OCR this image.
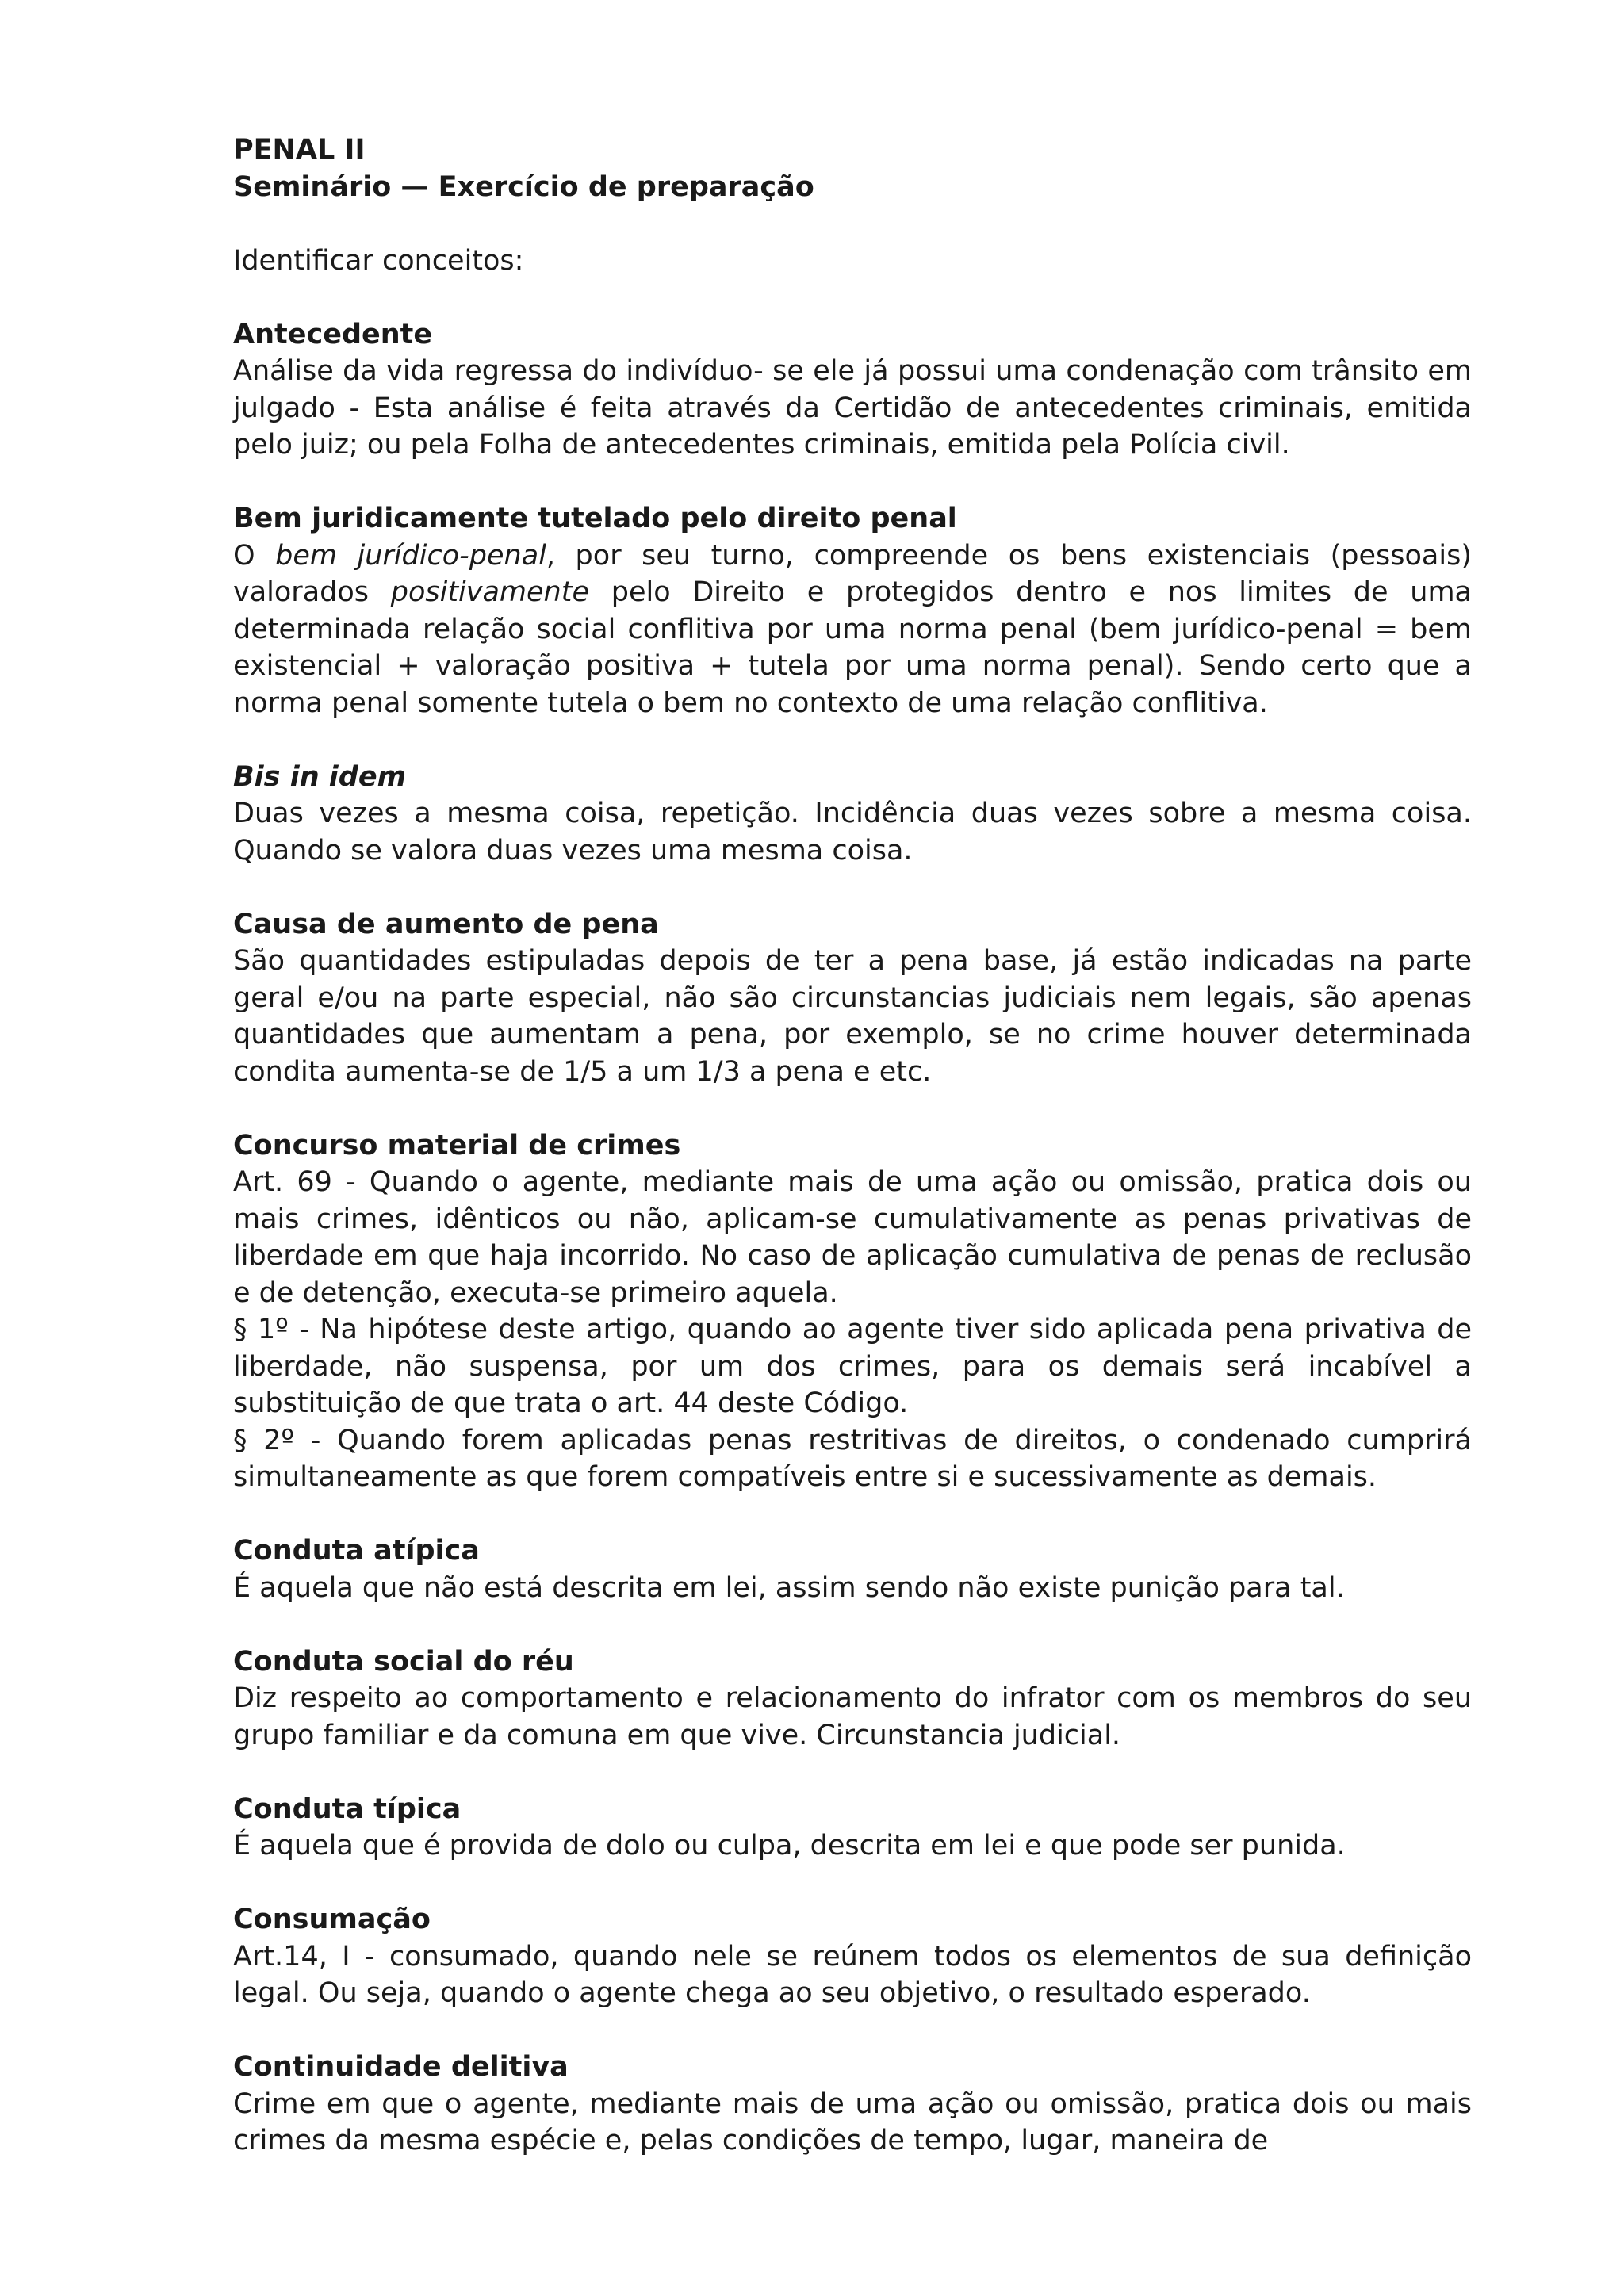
PENAL II

Seminário — Exercício de preparação

Identificar conceitos:

Antecedente

Análise da vida regressa do indivíduo- se ele já possui uma condenação com trânsito em julgado - Esta análise é feita através da Certidão de antecedentes criminais, emitida pelo juiz; ou pela Folha de antecedentes criminais, emitida pela Polícia civil.

Bem juridicamente tutelado pelo direito penal

O bem jurídico-penal, por seu turno, compreende os bens existenciais (pessoais) valorados positivamente pelo Direito e protegidos dentro e nos limites de uma determinada relação social conflitiva por uma norma penal (bem jurídico-penal = bem existencial + valoração positiva + tutela por uma norma penal). Sendo certo que a norma penal somente tutela o bem no contexto de uma relação conflitiva.

Bis in idem

Duas vezes a mesma coisa, repetição. Incidência duas vezes sobre a mesma coisa. Quando se valora duas vezes uma mesma coisa.

Causa de aumento de pena

São quantidades estipuladas depois de ter a pena base, já estão indicadas na parte geral e/ou na parte especial, não são circunstancias judiciais nem legais, são apenas quantidades que aumentam a pena, por exemplo, se no crime houver determinada condita aumenta-se de 1/5 a um 1/3 a pena e etc.

Concurso material de crimes

Art. 69 - Quando o agente, mediante mais de uma ação ou omissão, pratica dois ou mais crimes, idênticos ou não, aplicam-se cumulativamente as penas privativas de liberdade em que haja incorrido. No caso de aplicação cumulativa de penas de reclusão e de detenção, executa-se primeiro aquela.

§ 1º - Na hipótese deste artigo, quando ao agente tiver sido aplicada pena privativa de liberdade, não suspensa, por um dos crimes, para os demais será incabível a substituição de que trata o art. 44 deste Código.

§ 2º - Quando forem aplicadas penas restritivas de direitos, o condenado cumprirá simultaneamente as que forem compatíveis entre si e sucessivamente as demais.

Conduta atípica

É aquela que não está descrita em lei, assim sendo não existe punição para tal.

Conduta social do réu

Diz respeito ao comportamento e relacionamento do infrator com os membros do seu grupo familiar e da comuna em que vive. Circunstancia judicial.

Conduta típica

É aquela que é provida de dolo ou culpa, descrita em lei e que pode ser punida.

Consumação

Art.14, I - consumado, quando nele se reúnem todos os elementos de sua definição legal. Ou seja, quando o agente chega ao seu objetivo, o resultado esperado.

Continuidade delitiva

Crime em que o agente, mediante mais de uma ação ou omissão, pratica dois ou mais crimes da mesma espécie e, pelas condições de tempo, lugar, maneira de
